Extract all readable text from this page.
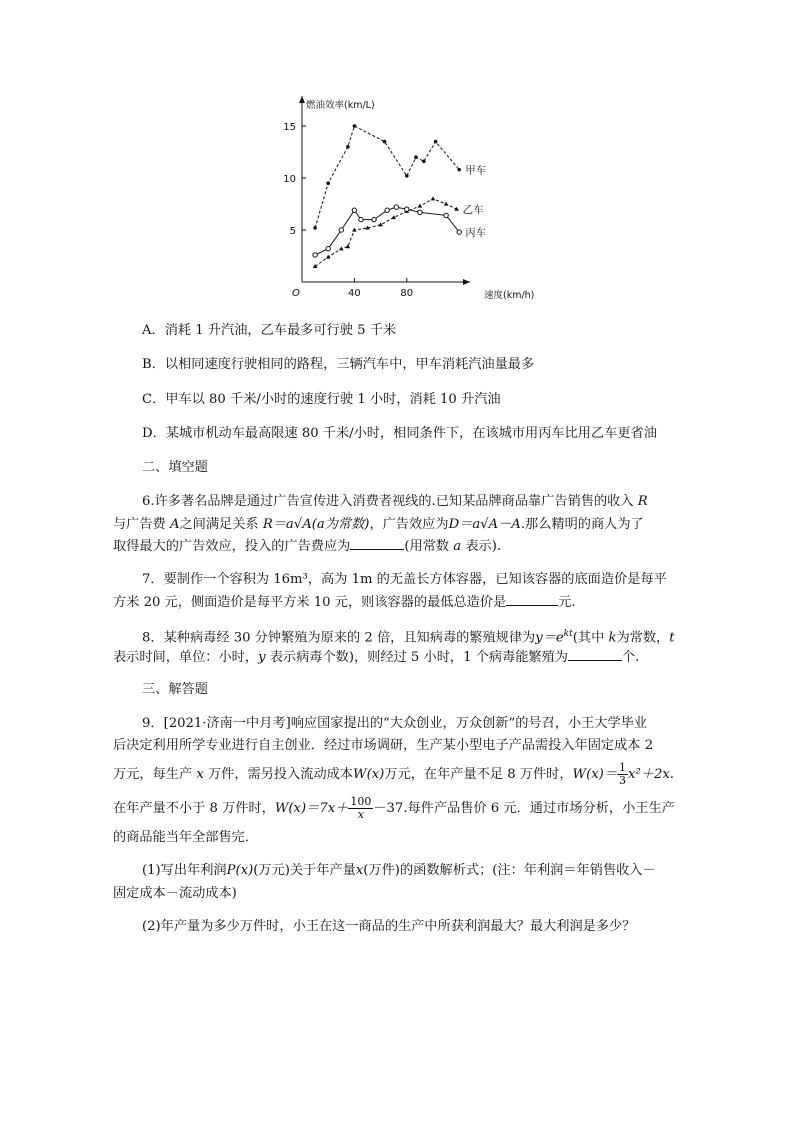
5
10
15
40	80
O
燃油效率(km/L)
速度(km/h)
甲车
乙车
丙车
A．消耗 1 升汽油，乙车最多可行驶 5 千米
B．以相同速度行驶相同的路程，三辆汽车中，甲车消耗汽油量最多
C．甲车以 80 千米/小时的速度行驶 1 小时，消耗 10 升汽油
D．某城市机动车最高限速 80 千米/小时，相同条件下，在该城市用丙车比用乙车更省油
二、填空题
6.许多著名品牌是通过广告宣传进入消费者视线的.已知某品牌商品靠广告销售的收入 R
与广告费 A之间满足关系 R＝a√A(a为常数)，广告效应为D＝a√A－A.那么精明的商人为了
取得最大的广告效应，投入的广告费应为	(用常数 a 表示).
7．要制作一个容积为 16m³，高为 1m 的无盖长方体容器，已知该容器的底面造价是每平
方米 20 元，侧面造价是每平方米 10 元，则该容器的最低总造价是	元.
8．某种病毒经 30 分钟繁殖为原来的 2 倍，且知病毒的繁殖规律为$y=e^{kt}$(其中 k为常数，t
表示时间，单位：小时，y 表示病毒个数)，则经过 5 小时，1 个病毒能繁殖为	个.
三、解答题
9．[2021·济南一中月考]响应国家提出的“大众创业，万众创新”的号召，小王大学毕业
后决定利用所学专业进行自主创业．经过市场调研，生产某小型电子产品需投入年固定成本 2
万元，每生产 x 万件，需另投入流动成本W(x)万元，在年产量不足 8 万件时，$W(x)= \frac{1}{3} x^2+2x$.
在年产量不小于 8 万件时，$W(x)=7x+ \frac{100}{x} -37$.每件产品售价 6 元．通过市场分析，小王生产
的商品能当年全部售完．
(1)写出年利润P(x)(万元)关于年产量x(万件)的函数解析式；(注：年利润＝年销售收入－
固定成本－流动成本)
(2)年产量为多少万件时，小王在这一商品的生产中所获利润最大？最大利润是多少？
